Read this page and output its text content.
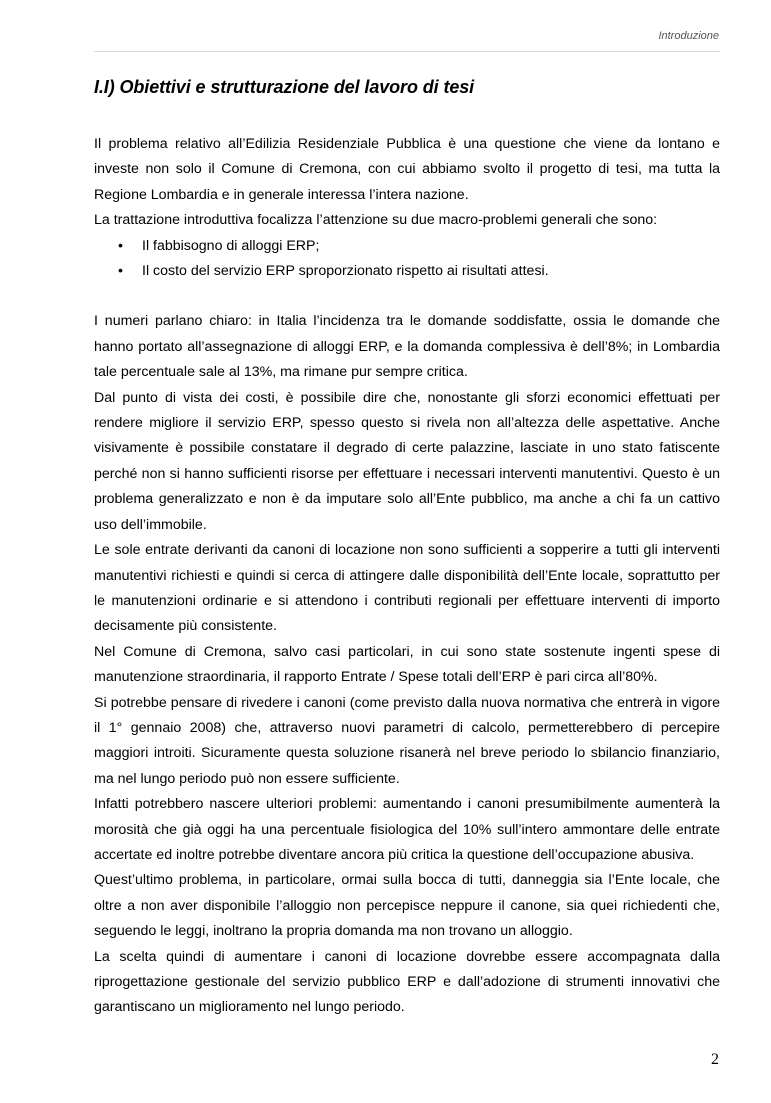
Introduzione
I.I) Obiettivi e strutturazione del lavoro di tesi

Il problema relativo all’Edilizia Residenziale Pubblica è una questione che viene da lontano e investe non solo il Comune di Cremona, con cui abbiamo svolto il progetto di tesi, ma tutta la Regione Lombardia e in generale interessa l’intera nazione.

La trattazione introduttiva focalizza l’attenzione su due macro-problemi generali che sono:

• Il fabbisogno di alloggi ERP;
• Il costo del servizio ERP sproporzionato rispetto ai risultati attesi.

I numeri parlano chiaro: in Italia l’incidenza tra le domande soddisfatte, ossia le domande che hanno portato all’assegnazione di alloggi ERP, e la domanda complessiva è dell’8%; in Lombardia tale percentuale sale al 13%, ma rimane pur sempre critica.

Dal punto di vista dei costi, è possibile dire che, nonostante gli sforzi economici effettuati per rendere migliore il servizio ERP, spesso questo si rivela non all’altezza delle aspettative. Anche visivamente è possibile constatare il degrado di certe palazzine, lasciate in uno stato fatiscente perché non si hanno sufficienti risorse per effettuare i necessari interventi manutentivi. Questo è un problema generalizzato e non è da imputare solo all’Ente pubblico, ma anche a chi fa un cattivo uso dell’immobile.

Le sole entrate derivanti da canoni di locazione non sono sufficienti a sopperire a tutti gli interventi manutentivi richiesti e quindi si cerca di attingere dalle disponibilità dell’Ente locale, soprattutto per le manutenzioni ordinarie e si attendono i contributi regionali per effettuare interventi di importo decisamente più consistente.

Nel Comune di Cremona, salvo casi particolari, in cui sono state sostenute ingenti spese di manutenzione straordinaria, il rapporto Entrate / Spese totali dell’ERP è pari circa all’80%.

Si potrebbe pensare di rivedere i canoni (come previsto dalla nuova normativa che entrerà in vigore il 1° gennaio 2008) che, attraverso nuovi parametri di calcolo, permetterebbero di percepire maggiori introiti. Sicuramente questa soluzione risanerà nel breve periodo lo sbilancio finanziario, ma nel lungo periodo può non essere sufficiente.

Infatti potrebbero nascere ulteriori problemi: aumentando i canoni presumibilmente aumenterà la morosità che già oggi ha una percentuale fisiologica del 10% sull’intero ammontare delle entrate accertate ed inoltre potrebbe diventare ancora più critica la questione dell’occupazione abusiva.

Quest’ultimo problema, in particolare, ormai sulla bocca di tutti, danneggia sia l’Ente locale, che oltre a non aver disponibile l’alloggio non percepisce neppure il canone, sia quei richiedenti che, seguendo le leggi, inoltrano la propria domanda ma non trovano un alloggio.

La scelta quindi di aumentare i canoni di locazione dovrebbe essere accompagnata dalla riprogettazione gestionale del servizio pubblico ERP e dall’adozione di strumenti innovativi che garantiscano un miglioramento nel lungo periodo.

2
